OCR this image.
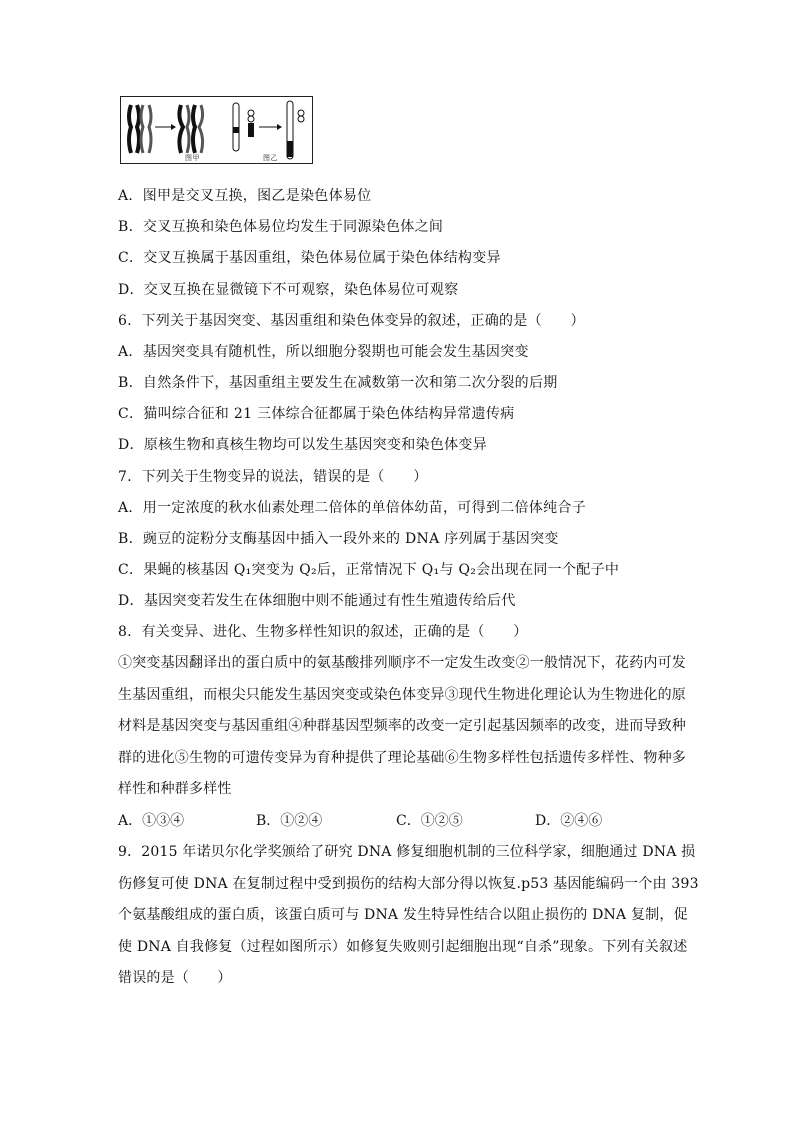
图甲	图乙
A．图甲是交叉互换，图乙是染色体易位
B．交叉互换和染色体易位均发生于同源染色体之间
C．交叉互换属于基因重组，染色体易位属于染色体结构变异
D．交叉互换在显微镜下不可观察，染色体易位可观察
6．下列关于基因突变、基因重组和染色体变异的叙述，正确的是（　　）
A．基因突变具有随机性，所以细胞分裂期也可能会发生基因突变
B．自然条件下，基因重组主要发生在减数第一次和第二次分裂的后期
C．猫叫综合征和 21 三体综合征都属于染色体结构异常遗传病
D．原核生物和真核生物均可以发生基因突变和染色体变异
7．下列关于生物变异的说法，错误的是（　　）
A．用一定浓度的秋水仙素处理二倍体的单倍体幼苗，可得到二倍体纯合子
B．豌豆的淀粉分支酶基因中插入一段外来的 DNA 序列属于基因突变
C．果蝇的核基因 Q₁突变为 Q₂后，正常情况下 Q₁与 Q₂会出现在同一个配子中
D．基因突变若发生在体细胞中则不能通过有性生殖遗传给后代
8．有关变异、进化、生物多样性知识的叙述，正确的是（　　）

①突变基因翻译出的蛋白质中的氨基酸排列顺序不一定发生改变②一般情况下，花药内可发

生基因重组，而根尖只能发生基因突变或染色体变异③现代生物进化理论认为生物进化的原

材料是基因突变与基因重组④种群基因型频率的改变一定引起基因频率的改变，进而导致种

群的进化⑤生物的可遗传变异为育种提供了理论基础⑥生物多样性包括遗传多样性、物种多

样性和种群多样性

A．①③④	B．①②④	C．①②⑤	D．②④⑥

9．2015 年诺贝尔化学奖颁给了研究 DNA 修复细胞机制的三位科学家，细胞通过 DNA 损

伤修复可使 DNA 在复制过程中受到损伤的结构大部分得以恢复.p53 基因能编码一个由 393

个氨基酸组成的蛋白质，该蛋白质可与 DNA 发生特异性结合以阻止损伤的 DNA 复制，促

使 DNA 自我修复（过程如图所示）如修复失败则引起细胞出现“自杀”现象。下列有关叙述

错误的是（　　）
